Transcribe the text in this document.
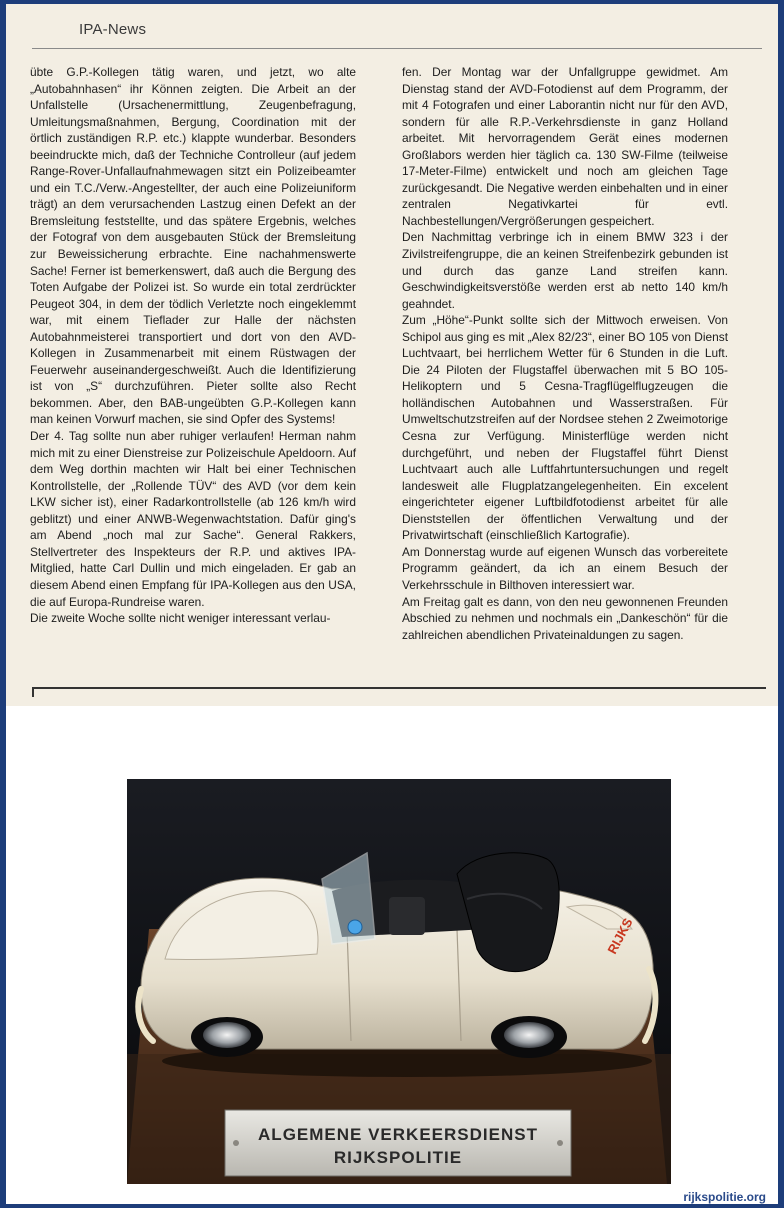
IPA-News

übte G.P.-Kollegen tätig waren, und jetzt, wo alte „Autobahnhasen“ ihr Können zeigten. Die Arbeit an der Unfallstelle (Ursachenermittlung, Zeugenbefragung, Umleitungsmaßnahmen, Bergung, Coordination mit der örtlich zuständigen R.P. etc.) klappte wunderbar. Besonders beeindruckte mich, daß der Techniche Controlleur (auf jedem Range-Rover-Unfallaufnahmewagen sitzt ein Polizeibeamter und ein T.C./Verw.-Angestellter, der auch eine Polizeiuniform trägt) an dem verursachenden Lastzug einen Defekt an der Bremsleitung feststellte, und das spätere Ergebnis, welches der Fotograf von dem ausgebauten Stück der Bremsleitung zur Beweissicherung erbrachte. Eine nachahmenswerte Sache! Ferner ist bemerkenswert, daß auch die Bergung des Toten Aufgabe der Polizei ist. So wurde ein total zerdrückter Peugeot 304, in dem der tödlich Verletzte noch eingeklemmt war, mit einem Tieflader zur Halle der nächsten Autobahnmeisterei transportiert und dort von den AVD-Kollegen in Zusammenarbeit mit einem Rüstwagen der Feuerwehr auseinandergeschweißt. Auch die Identifizierung ist von „S“ durchzuführen. Pieter sollte also Recht bekommen. Aber, den BAB-ungeübten G.P.-Kollegen kann man keinen Vorwurf machen, sie sind Opfer des Systems!

Der 4. Tag sollte nun aber ruhiger verlaufen! Herman nahm mich mit zu einer Dienstreise zur Polizeischule Apeldoorn. Auf dem Weg dorthin machten wir Halt bei einer Technischen Kontrollstelle, der „Rollende TÜV“ des AVD (vor dem kein LKW sicher ist), einer Radarkontrollstelle (ab 126 km/h wird geblitzt) und einer ANWB-Wegenwachtstation. Dafür ging's am Abend „noch mal zur Sache“. General Rakkers, Stellvertreter des Inspekteurs der R.P. und aktives IPA-Mitglied, hatte Carl Dullin und mich eingeladen. Er gab an diesem Abend einen Empfang für IPA-Kollegen aus den USA, die auf Europa-Rundreise waren.

Die zweite Woche sollte nicht weniger interessant verlau-

fen. Der Montag war der Unfallgruppe gewidmet. Am Dienstag stand der AVD-Fotodienst auf dem Programm, der mit 4 Fotografen und einer Laborantin nicht nur für den AVD, sondern für alle R.P.-Verkehrsdienste in ganz Holland arbeitet. Mit hervorragendem Gerät eines modernen Großlabors werden hier täglich ca. 130 SW-Filme (teilweise 17-Meter-Filme) entwickelt und noch am gleichen Tage zurückgesandt. Die Negative werden einbehalten und in einer zentralen Negativkartei für evtl. Nachbestellungen/Vergrößerungen gespeichert.

Den Nachmittag verbringe ich in einem BMW 323 i der Zivilstreifengruppe, die an keinen Streifenbezirk gebunden ist und durch das ganze Land streifen kann. Geschwindigkeitsverstöße werden erst ab netto 140 km/h geahndet.

Zum „Höhe“-Punkt sollte sich der Mittwoch erweisen. Von Schipol aus ging es mit „Alex 82/23“, einer BO 105 von Dienst Luchtvaart, bei herrlichem Wetter für 6 Stunden in die Luft. Die 24 Piloten der Flugstaffel überwachen mit 5 BO 105-Helikoptern und 5 Cesna-Tragflügelflugzeugen die holländischen Autobahnen und Wasserstraßen. Für Umweltschutzstreifen auf der Nordsee stehen 2 Zweimotorige Cesna zur Verfügung. Ministerflüge werden nicht durchgeführt, und neben der Flugstaffel führt Dienst Luchtvaart auch alle Luftfahrtuntersuchungen und regelt landesweit alle Flugplatzangelegenheiten. Ein excelent eingerichteter eigener Luftbildfotodienst arbeitet für alle Dienststellen der öffentlichen Verwaltung und der Privatwirtschaft (einschließlich Kartografie).

Am Donnerstag wurde auf eigenen Wunsch das vorbereitete Programm geändert, da ich an einem Besuch der Verkehrsschule in Bilthoven interessiert war.

Am Freitag galt es dann, von den neu gewonnenen Freunden Abschied zu nehmen und nochmals ein „Dankeschön“ für die zahlreichen abendlichen Privateinaldungen zu sagen.

RIJKS
ALGEMENE VERKEERSDIENST
RIJKSPOLITIE
rijkspolitie.org
